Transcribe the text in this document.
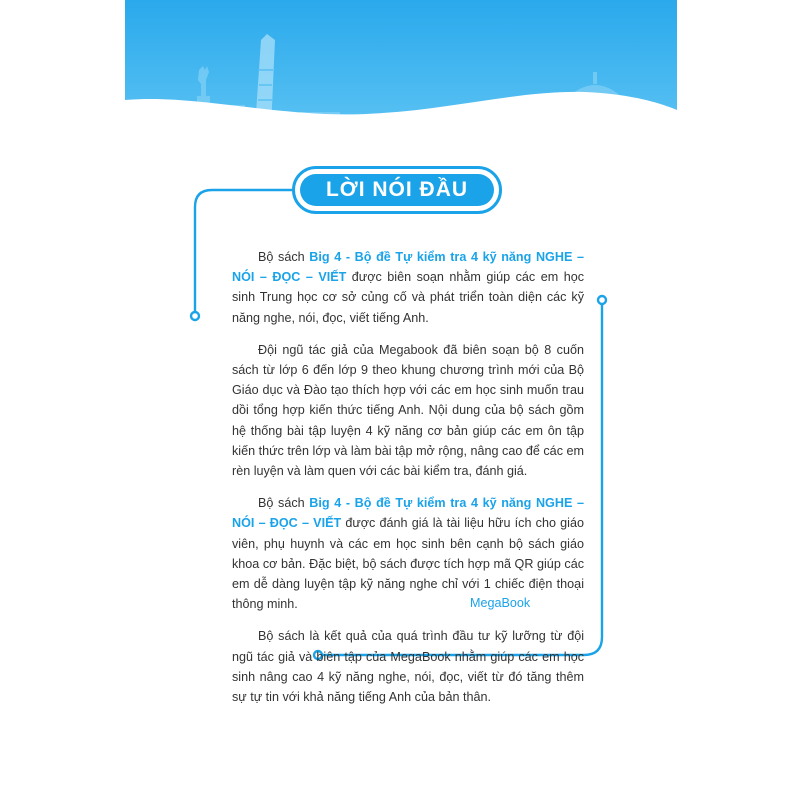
LỜI NÓI ĐẦU

Bộ sách Big 4 - Bộ đề Tự kiểm tra 4 kỹ năng NGHE – NÓI – ĐỌC – VIẾT được biên soạn nhằm giúp các em học sinh Trung học cơ sở củng cố và phát triển toàn diện các kỹ năng nghe, nói, đọc, viết tiếng Anh.

Đội ngũ tác giả của Megabook đã biên soạn bộ 8 cuốn sách từ lớp 6 đến lớp 9 theo khung chương trình mới của Bộ Giáo dục và Đào tạo thích hợp với các em học sinh muốn trau dồi tổng hợp kiến thức tiếng Anh. Nội dung của bộ sách gồm hệ thống bài tập luyện 4 kỹ năng cơ bản giúp các em ôn tập kiến thức trên lớp và làm bài tập mở rộng, nâng cao để các em rèn luyện và làm quen với các bài kiểm tra, đánh giá.

Bộ sách Big 4 - Bộ đề Tự kiểm tra 4 kỹ năng NGHE – NÓI – ĐỌC – VIẾT được đánh giá là tài liệu hữu ích cho giáo viên, phụ huynh và các em học sinh bên cạnh bộ sách giáo khoa cơ bản. Đặc biệt, bộ sách được tích hợp mã QR giúp các em dễ dàng luyện tập kỹ năng nghe chỉ với 1 chiếc điện thoại thông minh.

Bộ sách là kết quả của quá trình đầu tư kỹ lưỡng từ đội ngũ tác giả và biên tập của MegaBook nhằm giúp các em học sinh nâng cao 4 kỹ năng nghe, nói, đọc, viết từ đó tăng thêm sự tự tin với khả năng tiếng Anh của bản thân.

MegaBook
